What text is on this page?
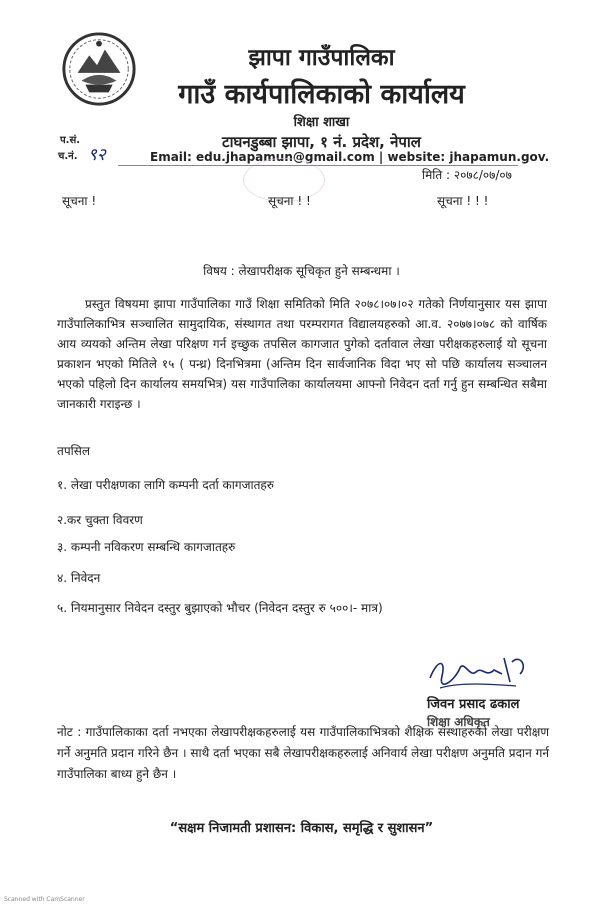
झापा गाउँपालिका
गाउँ कार्यपालिकाको कार्यालय
शिक्षा शाखा
टाघनडुब्बा झापा, १ नं. प्रदेश, नेपाल
Email: edu.jhapamun@gmail.com | website: jhapamun.gov.
प.सं.
च.नं. ९२
मिति : २०७८/०७/०७
सूचना !	सूचना ! !	सूचना ! ! !
विषय : लेखापरीक्षक सूचिकृत हुने सम्बन्धमा ।
प्रस्तुत विषयमा झापा गाउँपालिका गाउँ शिक्षा समितिको मिति २०७८।०७।०२ गतेको निर्णयानुसार यस झापा गाउँपालिकाभित्र सञ्चालित सामुदायिक, संस्थागत तथा परम्परागत विद्यालयहरुको आ.व. २०७७।०७८ को वार्षिक आय व्ययको अन्तिम लेखा परिक्षण गर्न इच्छुक तपसिल कागजात पुगेको दर्तावाल लेखा परीक्षकहरुलाई यो सूचना प्रकाशन भएको मितिले १५ ( पन्ध्र) दिनभित्रमा (अन्तिम दिन सार्वजानिक विदा भए सो पछि कार्यालय सञ्चालन भएको पहिलो दिन कार्यालय समयभित्र) यस गाउँपालिका कार्यालयमा आफ्नो निवेदन दर्ता गर्नु हुन सम्बन्धित सबैमा जानकारी गराइन्छ ।
तपसिल
१. लेखा परीक्षणका लागि कम्पनी दर्ता कागजातहरु
२.कर चुक्ता विवरण
३. कम्पनी नविकरण सम्बन्धि कागजातहरु
४. निवेदन
५. नियमानुसार निवेदन दस्तुर बुझाएको भौचर (निवेदन दस्तुर रु ५००।- मात्र)
जिवन प्रसाद ढकाल
शिक्षा अधिकृत
नोट : गाउँपालिकाका दर्ता नभएका लेखापरीक्षकहरुलाई यस गाउँपालिकाभित्रको शैक्षिक संस्थाहरुको लेखा परीक्षण गर्ने अनुमति प्रदान गरिने छैन । साथै दर्ता भएका सबै लेखापरीक्षकहरुलाई अनिवार्य लेखा परीक्षण अनुमति प्रदान गर्न गाउँपालिका बाध्य हुने छैन ।
“सक्षम निजामती प्रशासन: विकास, समृद्धि र सुशासन”
Scanned with CamScanner
